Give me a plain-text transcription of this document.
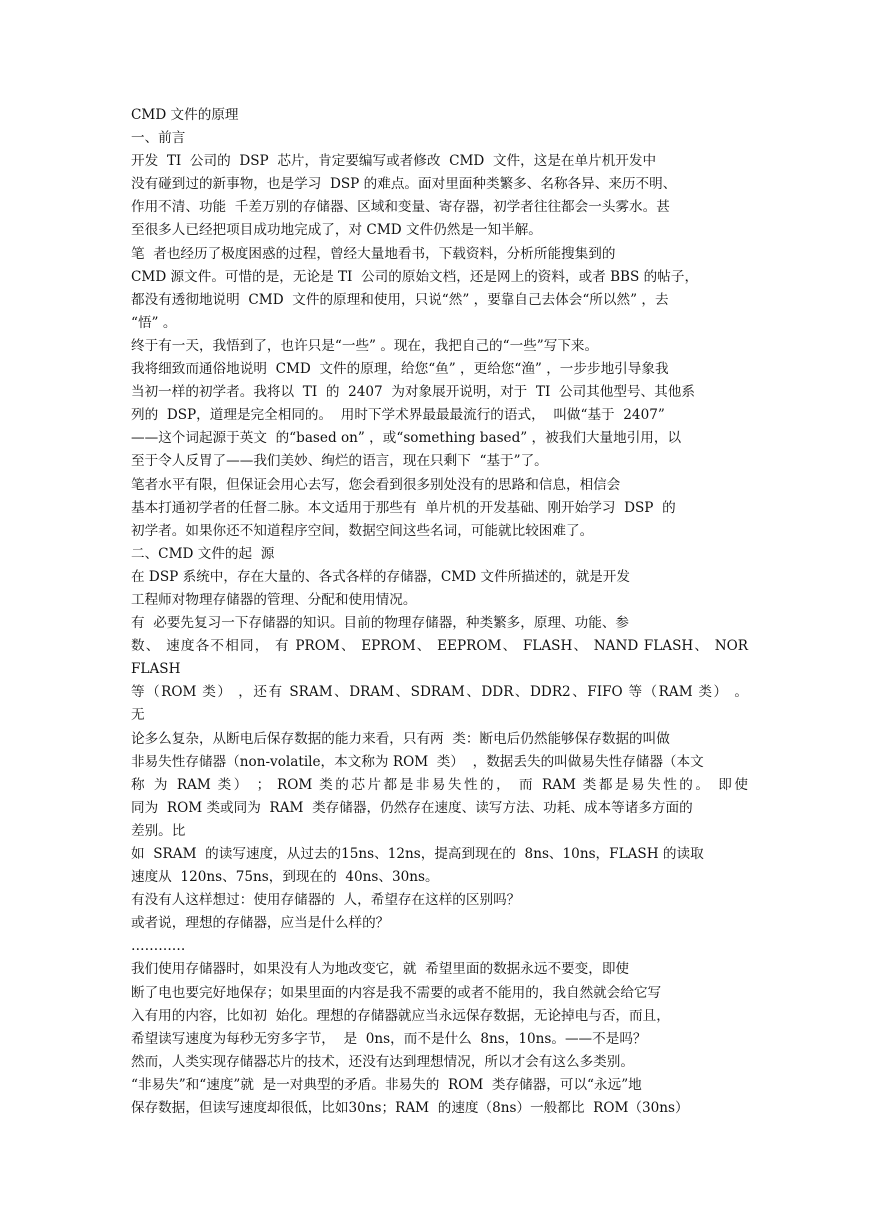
CMD 文件的原理
一、前言
开发  TI  公司的  DSP  芯片，肯定要编写或者修改  CMD  文件，这是在单片机开发中
没有碰到过的新事物，也是学习  DSP 的难点。面对里面种类繁多、名称各异、来历不明、
作用不清、功能  千差万别的存储器、区域和变量、寄存器，初学者往往都会一头雾水。甚
至很多人已经把项目成功地完成了，对 CMD 文件仍然是一知半解。
笔  者也经历了极度困惑的过程，曾经大量地看书，下载资料，分析所能搜集到的
CMD 源文件。可惜的是，无论是 TI  公司的原始文档，还是网上的资料，或者 BBS 的帖子，
都没有透彻地说明  CMD  文件的原理和使用，只说“然” ，要靠自己去体会“所以然” ，去
“悟” 。
终于有一天，我悟到了，也许只是“一些” 。现在，我把自己的“一些”写下来。
我将细致而通俗地说明  CMD  文件的原理，给您“鱼” ，更给您“渔” ，一步步地引导象我
当初一样的初学者。我将以  TI  的  2407  为对象展开说明，对于  TI  公司其他型号、其他系
列的  DSP，道理是完全相同的。  用时下学术界最最最流行的语式，  叫做“基于  2407”
——这个词起源于英文  的“based on” ，或“something based” ，被我们大量地引用，以
至于令人反胃了——我们美妙、绚烂的语言，现在只剩下  “基于”了。
笔者水平有限，但保证会用心去写，您会看到很多别处没有的思路和信息，相信会
基本打通初学者的任督二脉。本文适用于那些有  单片机的开发基础、刚开始学习  DSP  的
初学者。如果你还不知道程序空间，数据空间这些名词，可能就比较困难了。
二、CMD 文件的起  源
在 DSP 系统中，存在大量的、各式各样的存储器，CMD 文件所描述的，就是开发
工程师对物理存储器的管理、分配和使用情况。
有  必要先复习一下存储器的知识。目前的物理存储器，种类繁多，原理、功能、参
数、 速度各不相同， 有 PROM、 EPROM、 EEPROM、 FLASH、 NAND FLASH、 NOR
FLASH
等（ROM 类） ，还有 SRAM、DRAM、SDRAM、DDR、DDR2、FIFO 等（RAM 类） 。
无
论多么复杂，从断电后保存数据的能力来看，只有两  类：断电后仍然能够保存数据的叫做
非易失性存储器（non-volatile，本文称为 ROM  类）  ，数据丢失的叫做易失性存储器（本文
称 为 RAM 类） ； ROM 类的芯片都是非易失性的， 而 RAM 类都是易失性的。 即使
同为  ROM 类或同为  RAM  类存储器，仍然存在速度、读写方法、功耗、成本等诸多方面的
差别。比
如  SRAM  的读写速度，从过去的15ns、12ns，提高到现在的  8ns、10ns，FLASH 的读取
速度从  120ns、75ns，到现在的  40ns、30ns。
有没有人这样想过：使用存储器的  人，希望存在这样的区别吗？
或者说，理想的存储器，应当是什么样的？
…………
我们使用存储器时，如果没有人为地改变它，就  希望里面的数据永远不要变，即使
断了电也要完好地保存；如果里面的内容是我不需要的或者不能用的，我自然就会给它写
入有用的内容，比如初  始化。理想的存储器就应当永远保存数据，无论掉电与否，而且，
希望读写速度为每秒无穷多字节，  是  0ns，而不是什么  8ns，10ns。——不是吗？
然而，人类实现存储器芯片的技术，还没有达到理想情况，所以才会有这么多类别。
“非易失”和“速度”就  是一对典型的矛盾。非易失的  ROM  类存储器，可以“永远”地
保存数据，但读写速度却很低，比如30ns；RAM  的速度（8ns）一般都比  ROM（30ns）
